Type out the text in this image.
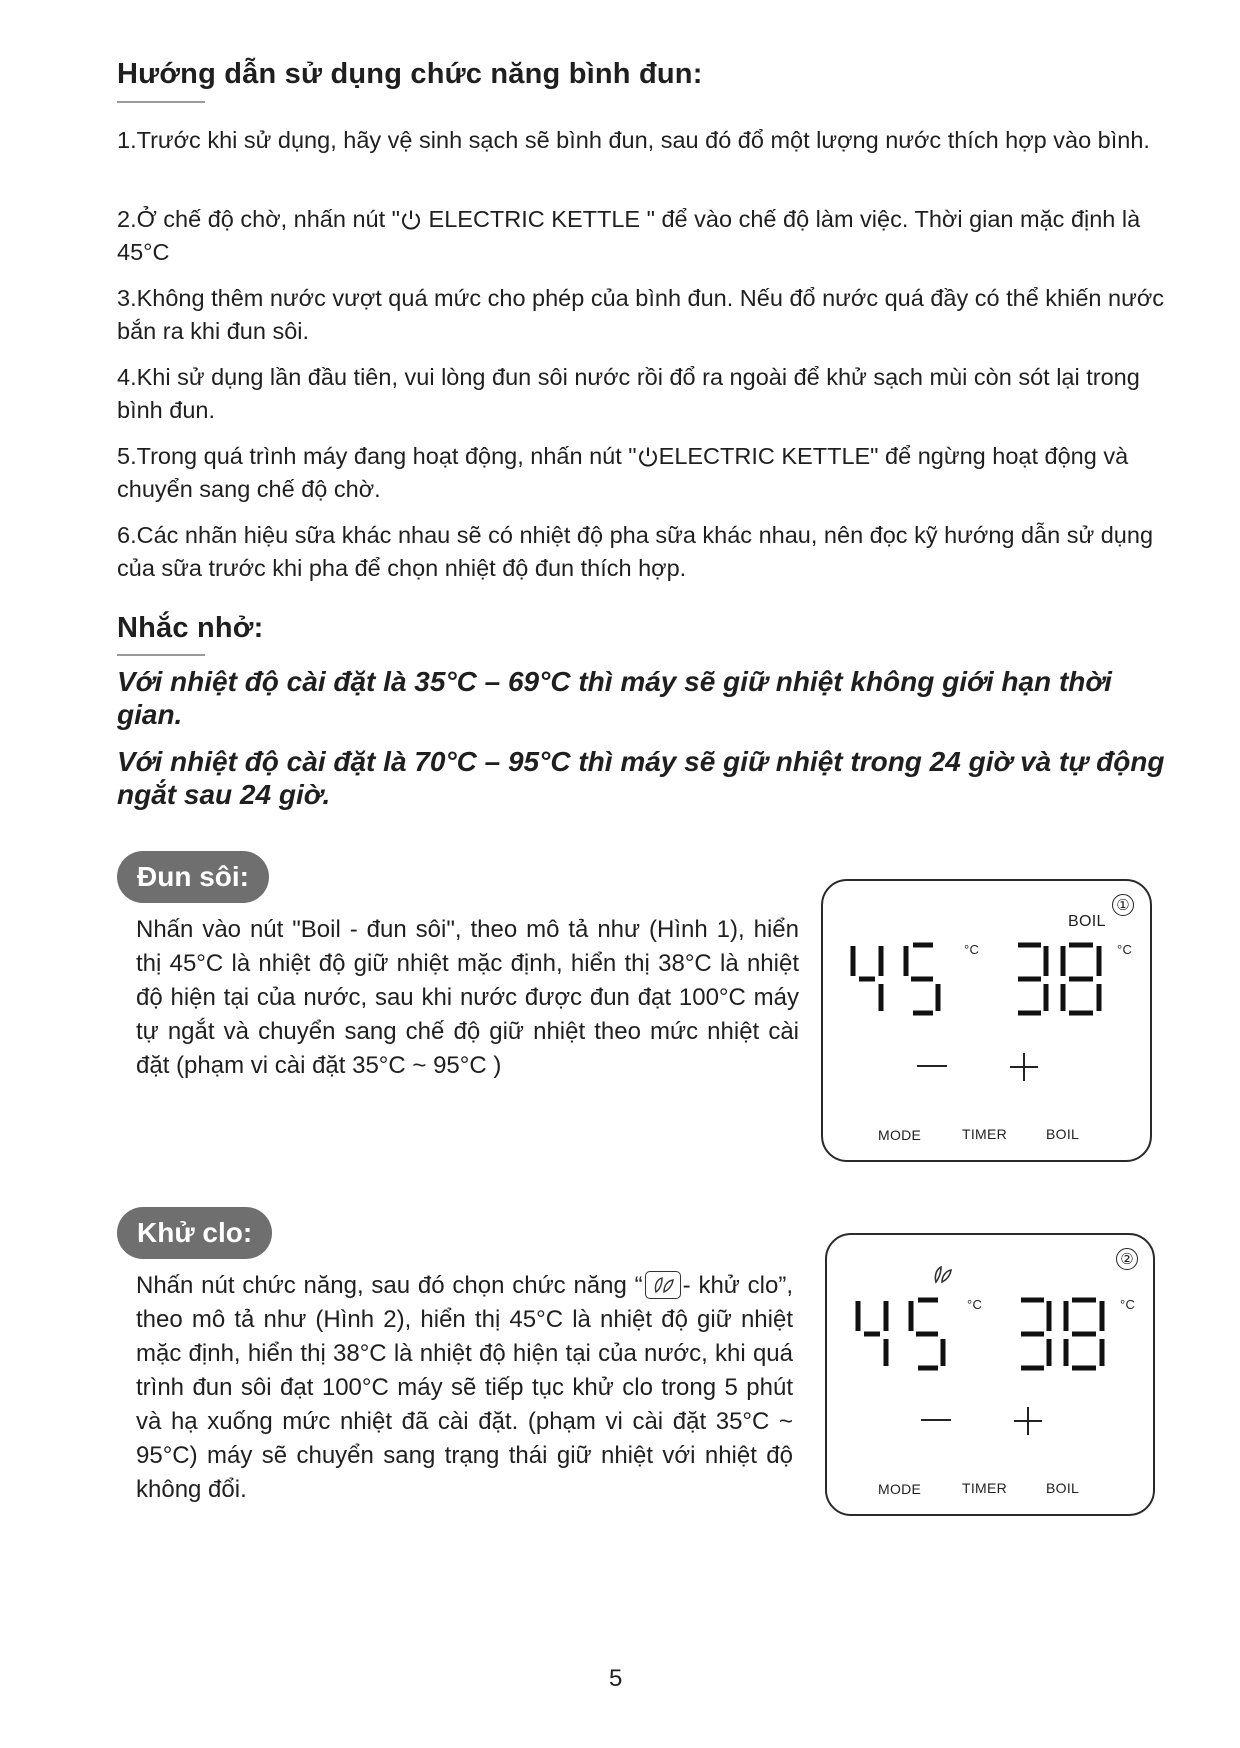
Hướng dẫn sử dụng chức năng bình đun:
1.Trước khi sử dụng, hãy vệ sinh sạch sẽ bình đun, sau đó đổ một lượng nước thích hợp vào bình.
2.Ở chế độ chờ, nhấn nút " ELECTRIC KETTLE " để vào chế độ làm việc. Thời gian mặc định là 45°C
3.Không thêm nước vượt quá mức cho phép của bình đun. Nếu đổ nước quá đầy có thể khiến nước bắn ra khi đun sôi.
4.Khi sử dụng lần đầu tiên, vui lòng đun sôi nước rồi đổ ra ngoài để khử sạch mùi còn sót lại trong bình đun.
5.Trong quá trình máy đang hoạt động, nhấn nút " ELECTRIC KETTLE" để ngừng hoạt động và chuyển sang chế độ chờ.
6.Các nhãn hiệu sữa khác nhau sẽ có nhiệt độ pha sữa khác nhau, nên đọc kỹ hướng dẫn sử dụng của sữa trước khi pha để chọn nhiệt độ đun thích hợp.
Nhắc nhở:
Với nhiệt độ cài đặt là 35°C – 69°C thì máy sẽ giữ nhiệt không giới hạn thời gian.
Với nhiệt độ cài đặt là 70°C – 95°C thì máy sẽ giữ nhiệt trong 24 giờ và tự động ngắt sau 24 giờ.
Đun sôi:
Nhấn vào nút "Boil - đun sôi", theo mô tả như (Hình 1), hiển thị 45°C là nhiệt độ giữ nhiệt mặc định, hiển thị 38°C là nhiệt độ hiện tại của nước, sau khi nước được đun đạt 100°C máy tự ngắt và chuyển sang chế độ giữ nhiệt theo mức nhiệt cài đặt (phạm vi cài đặt 35°C ~ 95°C )
①
BOIL
°C	°C
MODE	TIMER	BOIL
Khử clo:
Nhấn nút chức năng, sau đó chọn chức năng “ - khử clo”, theo mô tả như (Hình 2), hiển thị 45°C là nhiệt độ giữ nhiệt mặc định, hiển thị 38°C là nhiệt độ hiện tại của nước, khi quá trình đun sôi đạt 100°C máy sẽ tiếp tục khử clo trong 5 phút và hạ xuống mức nhiệt đã cài đặt. (phạm vi cài đặt 35°C ~ 95°C) máy sẽ chuyển sang trạng thái giữ nhiệt với nhiệt độ không đổi.
②
°C	°C
MODE	TIMER	BOIL
5
